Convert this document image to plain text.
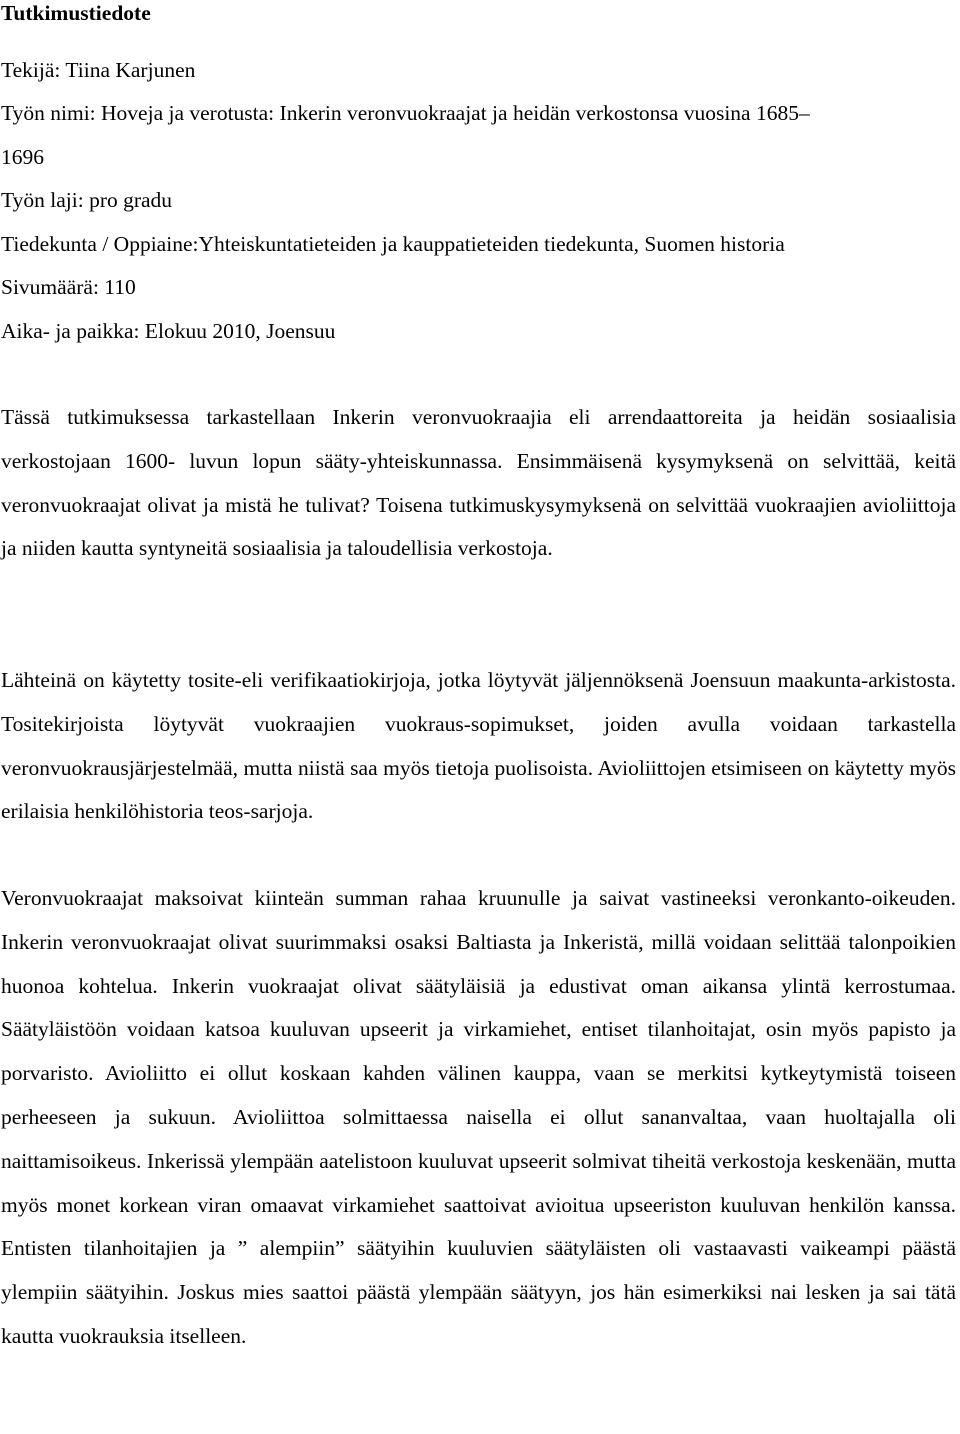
Tutkimustiedote

Tekijä: Tiina Karjunen

Työn nimi: Hoveja ja verotusta: Inkerin veronvuokraajat ja heidän verkostonsa vuosina 1685–

1696

Työn laji: pro gradu

Tiedekunta / Oppiaine:Yhteiskuntatieteiden ja kauppatieteiden tiedekunta, Suomen historia

Sivumäärä: 110

Aika- ja paikka: Elokuu 2010, Joensuu

Tässä tutkimuksessa tarkastellaan Inkerin veronvuokraajia eli arrendaattoreita ja heidän sosiaalisia verkostojaan 1600- luvun lopun sääty-yhteiskunnassa. Ensimmäisenä kysymyksenä on selvittää, keitä veronvuokraajat olivat ja mistä he tulivat? Toisena tutkimuskysymyksenä on selvittää vuokraajien avioliittoja ja niiden kautta syntyneitä sosiaalisia ja taloudellisia verkostoja.

Lähteinä on käytetty tosite-eli verifikaatiokirjoja, jotka löytyvät jäljennöksenä Joensuun maakunta-arkistosta. Tositekirjoista löytyvät vuokraajien vuokraus-sopimukset, joiden avulla voidaan tarkastella veronvuokrausjärjestelmää, mutta niistä saa myös tietoja puolisoista. Avioliittojen etsimiseen on käytetty myös erilaisia henkilöhistoria teos-sarjoja.

Veronvuokraajat maksoivat kiinteän summan rahaa kruunulle ja saivat vastineeksi veronkanto-oikeuden. Inkerin veronvuokraajat olivat suurimmaksi osaksi Baltiasta ja Inkeristä, millä voidaan selittää talonpoikien huonoa kohtelua. Inkerin vuokraajat olivat säätyläisiä ja edustivat oman aikansa ylintä kerrostumaa. Säätyläistöön voidaan katsoa kuuluvan upseerit ja virkamiehet, entiset tilanhoitajat, osin myös papisto ja porvaristo. Avioliitto ei ollut koskaan kahden välinen kauppa, vaan se merkitsi kytkeytymistä toiseen perheeseen ja sukuun. Avioliittoa solmittaessa naisella ei ollut sananvaltaa, vaan huoltajalla oli naittamisoikeus. Inkerissä ylempään aatelistoon kuuluvat upseerit solmivat tiheitä verkostoja keskenään, mutta myös monet korkean viran omaavat virkamiehet saattoivat avioitua upseeriston kuuluvan henkilön kanssa. Entisten tilanhoitajien ja ” alempiin” säätyihin kuuluvien säätyläisten oli vastaavasti vaikeampi päästä ylempiin säätyihin. Joskus mies saattoi päästä ylempään säätyyn, jos hän esimerkiksi nai lesken ja sai tätä kautta vuokrauksia itselleen.
